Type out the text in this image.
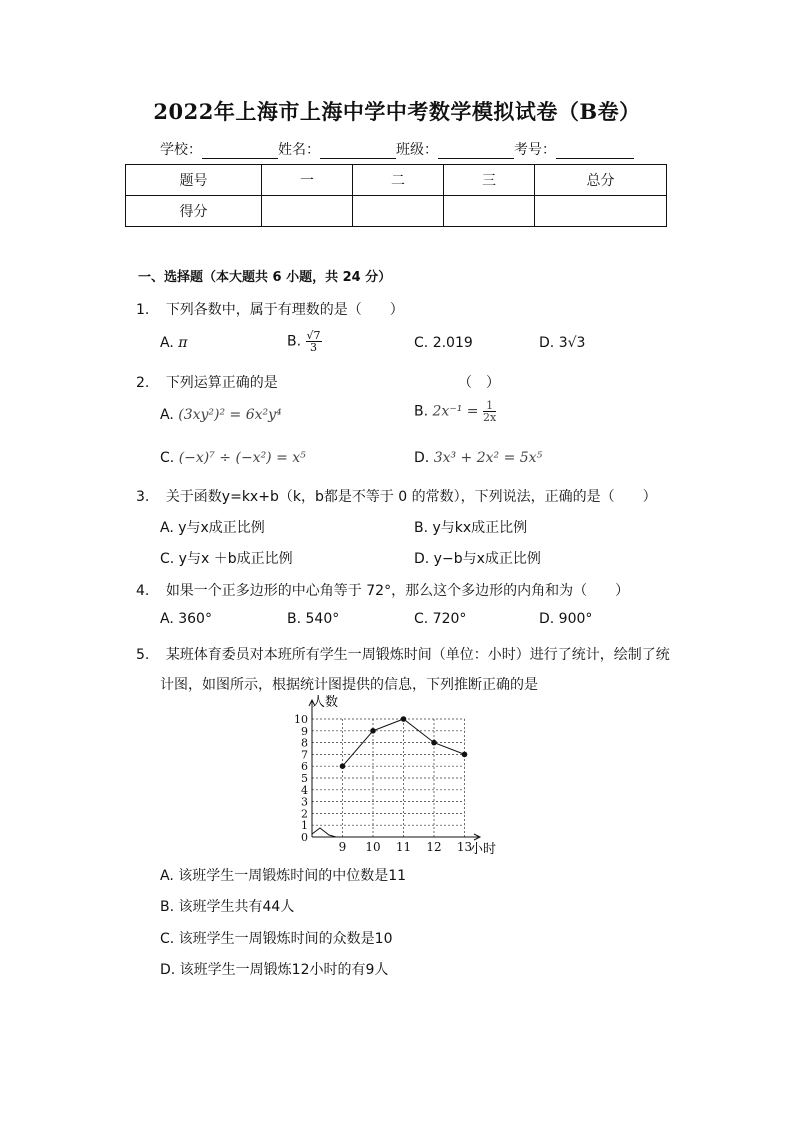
2022年上海市上海中学中考数学模拟试卷（B卷）
学校：	姓名：	班级：	考号：
题号	一	二	三	总分
得分				
一、选择题（本大题共 6 小题，共 24 分）
1. 下列各数中，属于有理数的是（　　）
A. π	B. $\frac{√7}{3}$	C. 2.019	D. 3√3
2. 下列运算正确的是	（　）
A. (3xy²)² = 6x²y⁴	B. $2x^{-1} = \frac{1}{2x}$
C. (−x)⁷ ÷ (−x²) = x⁵	D. 3x³ + 2x² = 5x⁵
3. 关于函数y=kx+b（k，b都是不等于 0 的常数），下列说法，正确的是（　　）
A. y与x成正比例	B. y与kx成正比例
C. y与x ＋b成正比例	D. y−b与x成正比例
4. 如果一个正多边形的中心角等于 72°，那么这个多边形的内角和为（　　）
A. 360°	B. 540°	C. 720°	D. 900°
5. 某班体育委员对本班所有学生一周锻炼时间（单位：小时）进行了统计，绘制了统
计图，如图所示，根据统计图提供的信息，下列推断正确的是
0
1
2
3
4
5
6
7
8
9
10
9 10 11 12 13
人数
小时
A. 该班学生一周锻炼时间的中位数是11
B. 该班学生共有44人
C. 该班学生一周锻炼时间的众数是10
D. 该班学生一周锻炼12小时的有9人
